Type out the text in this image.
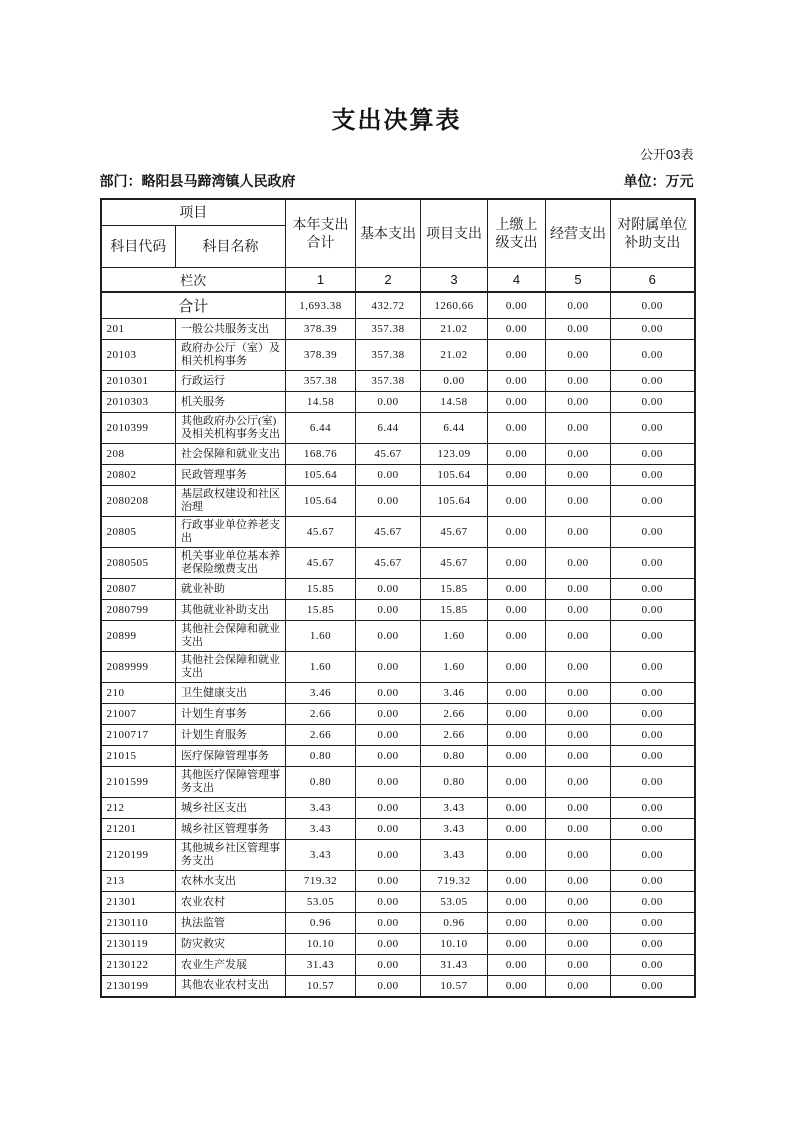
支出决算表
公开03表
部门：略阳县马蹄湾镇人民政府	单位：万元
项目		本年支出合计	基本支出	项目支出	上缴上级支出	经营支出	对附属单位补助支出
科目代码	科目名称						
栏次		1	2	3	4	5	6
合计		1,693.38	432.72	1260.66	0.00	0.00	0.00
201	一般公共服务支出	378.39	357.38	21.02	0.00	0.00	0.00
20103	政府办公厅（室）及相关机构事务	378.39	357.38	21.02	0.00	0.00	0.00
2010301	行政运行	357.38	357.38	0.00	0.00	0.00	0.00
2010303	机关服务	14.58	0.00	14.58	0.00	0.00	0.00
2010399	其他政府办公厅(室)及相关机构事务支出	6.44	6.44	6.44	0.00	0.00	0.00
208	社会保障和就业支出	168.76	45.67	123.09	0.00	0.00	0.00
20802	民政管理事务	105.64	0.00	105.64	0.00	0.00	0.00
2080208	基层政权建设和社区治理	105.64	0.00	105.64	0.00	0.00	0.00
20805	行政事业单位养老支出	45.67	45.67	45.67	0.00	0.00	0.00
2080505	机关事业单位基本养老保险缴费支出	45.67	45.67	45.67	0.00	0.00	0.00
20807	就业补助	15.85	0.00	15.85	0.00	0.00	0.00
2080799	其他就业补助支出	15.85	0.00	15.85	0.00	0.00	0.00
20899	其他社会保障和就业支出	1.60	0.00	1.60	0.00	0.00	0.00
2089999	其他社会保障和就业支出	1.60	0.00	1.60	0.00	0.00	0.00
210	卫生健康支出	3.46	0.00	3.46	0.00	0.00	0.00
21007	计划生育事务	2.66	0.00	2.66	0.00	0.00	0.00
2100717	计划生育服务	2.66	0.00	2.66	0.00	0.00	0.00
21015	医疗保障管理事务	0.80	0.00	0.80	0.00	0.00	0.00
2101599	其他医疗保障管理事务支出	0.80	0.00	0.80	0.00	0.00	0.00
212	城乡社区支出	3.43	0.00	3.43	0.00	0.00	0.00
21201	城乡社区管理事务	3.43	0.00	3.43	0.00	0.00	0.00
2120199	其他城乡社区管理事务支出	3.43	0.00	3.43	0.00	0.00	0.00
213	农林水支出	719.32	0.00	719.32	0.00	0.00	0.00
21301	农业农村	53.05	0.00	53.05	0.00	0.00	0.00
2130110	执法监管	0.96	0.00	0.96	0.00	0.00	0.00
2130119	防灾救灾	10.10	0.00	10.10	0.00	0.00	0.00
2130122	农业生产发展	31.43	0.00	31.43	0.00	0.00	0.00
2130199	其他农业农村支出	10.57	0.00	10.57	0.00	0.00	0.00
